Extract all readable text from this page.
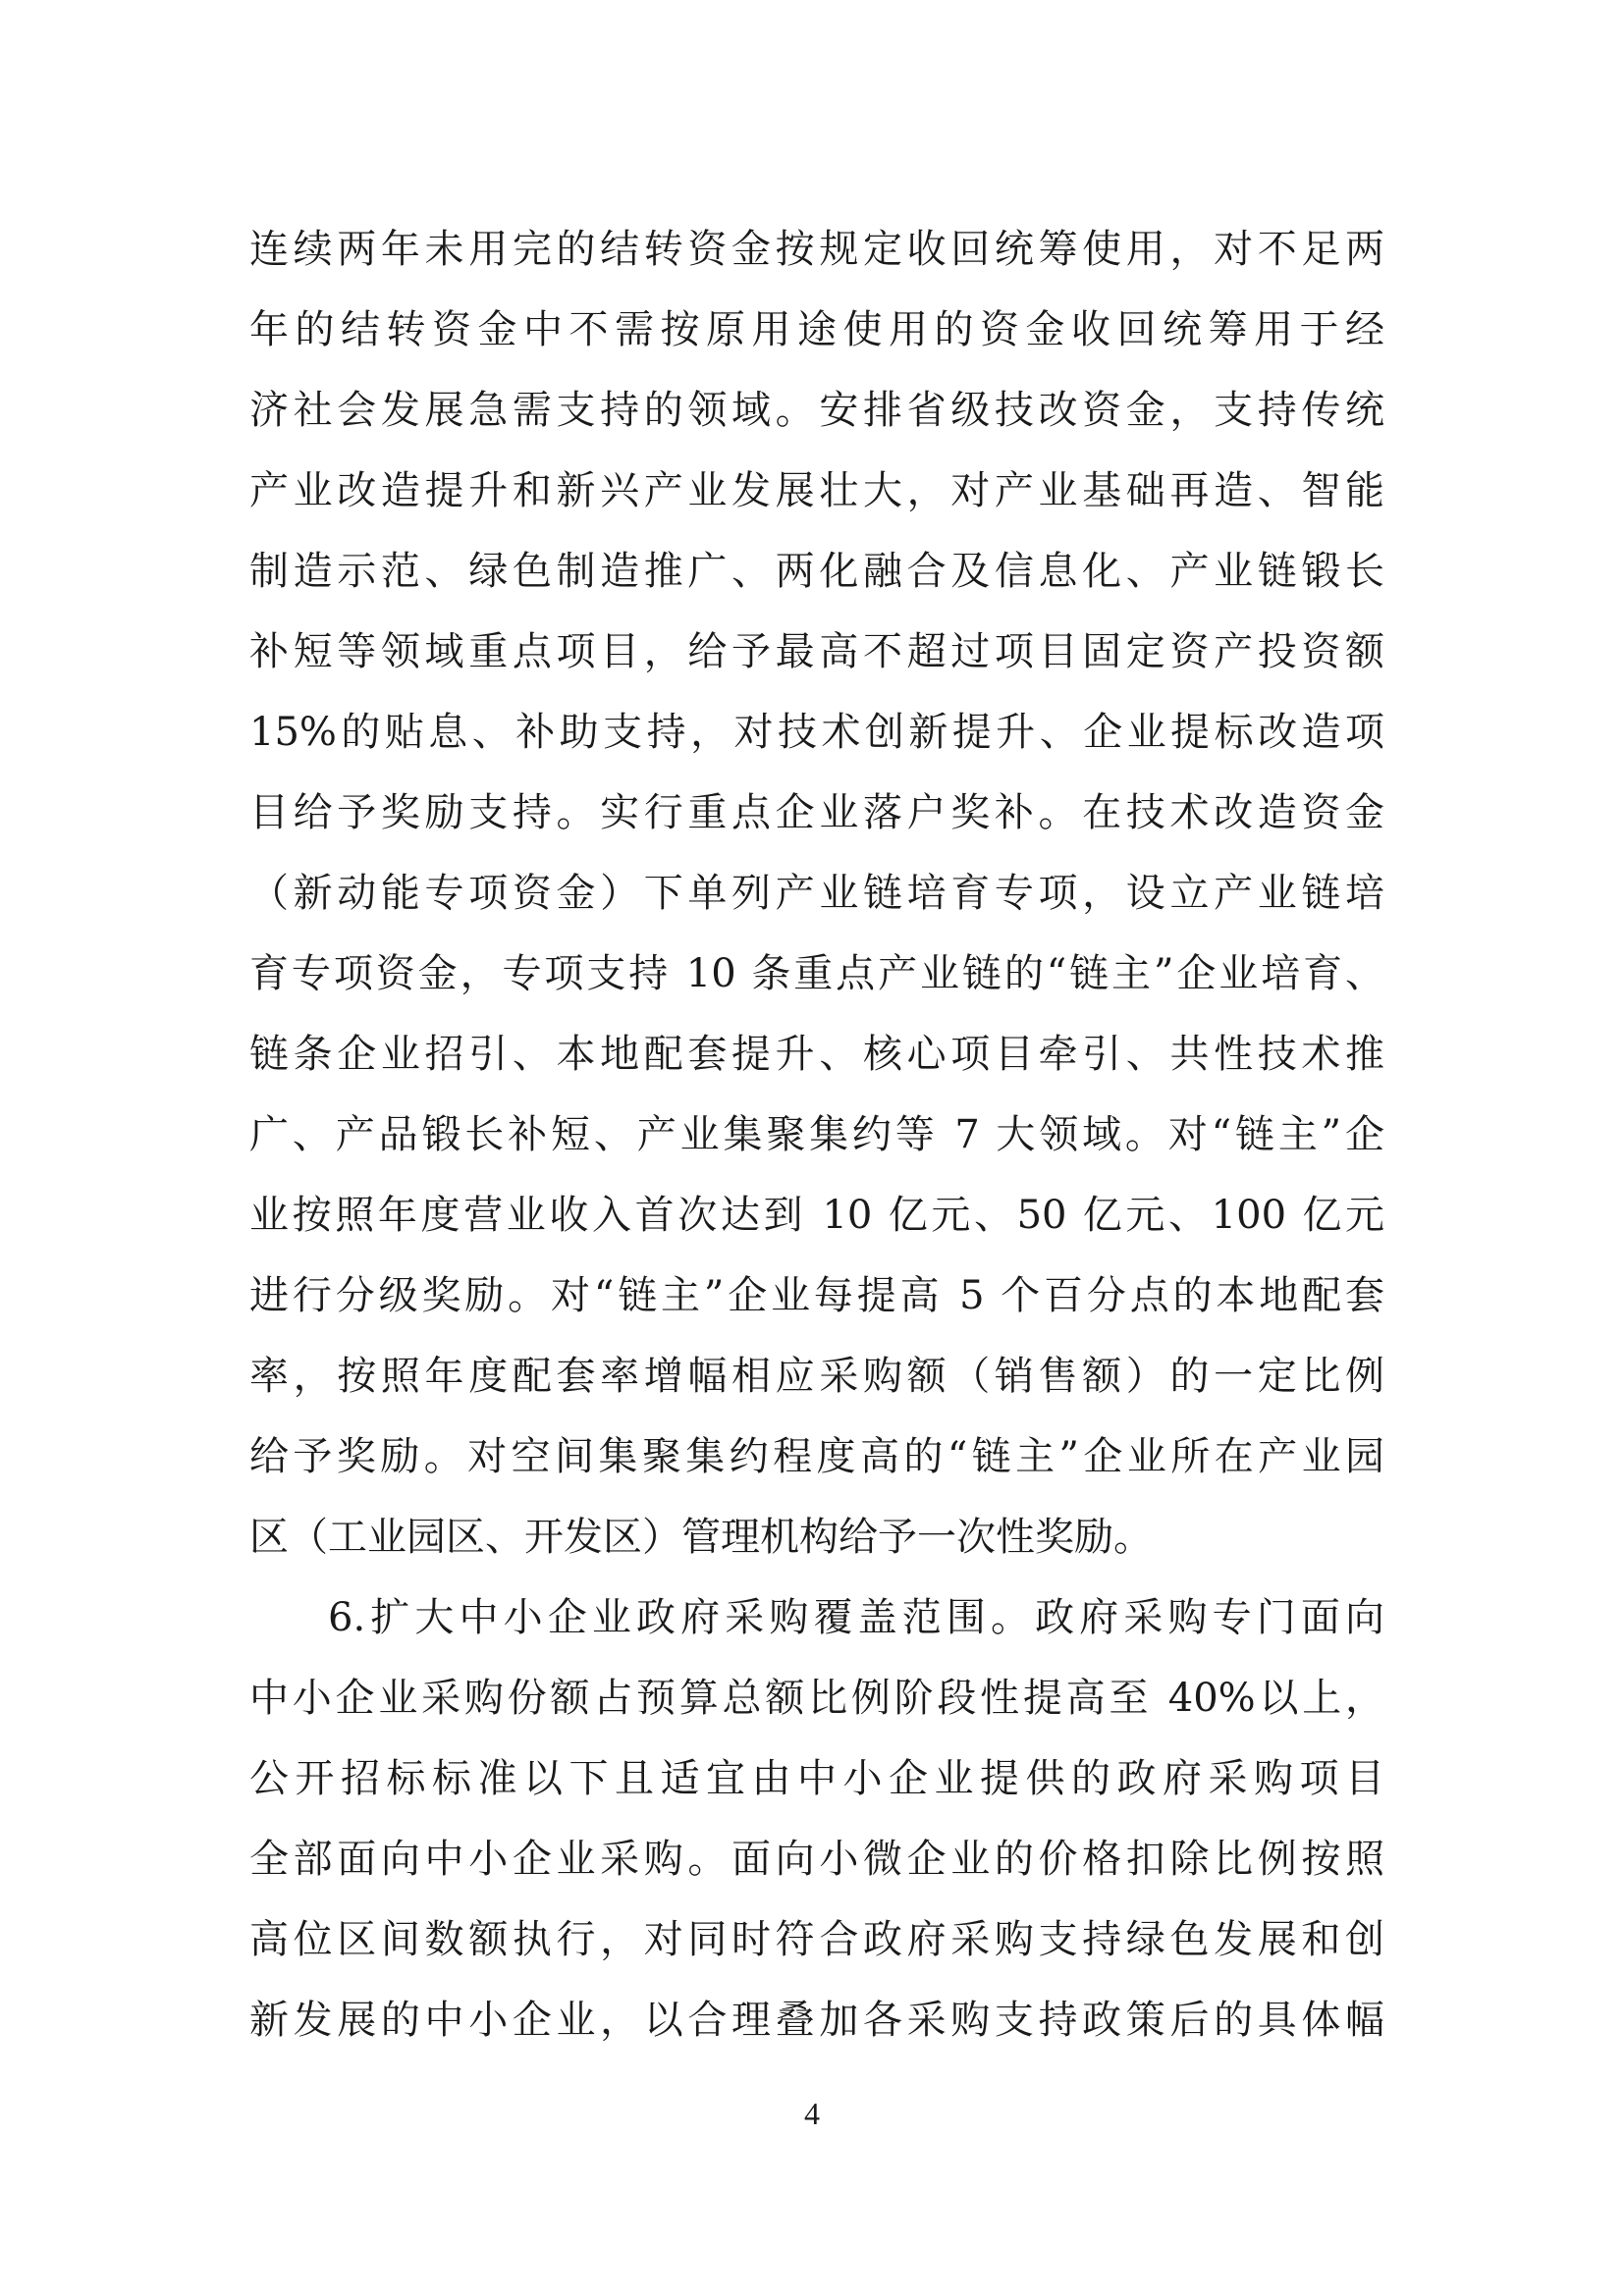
连续两年未用完的结转资金按规定收回统筹使用，对不足两
年的结转资金中不需按原用途使用的资金收回统筹用于经
济社会发展急需支持的领域。安排省级技改资金，支持传统
产业改造提升和新兴产业发展壮大，对产业基础再造、智能
制造示范、绿色制造推广、两化融合及信息化、产业链锻长
补短等领域重点项目，给予最高不超过项目固定资产投资额
15%的贴息、补助支持，对技术创新提升、企业提标改造项
目给予奖励支持。实行重点企业落户奖补。在技术改造资金
（新动能专项资金）下单列产业链培育专项，设立产业链培
育专项资金，专项支持 10 条重点产业链的“链主”企业培育、
链条企业招引、本地配套提升、核心项目牵引、共性技术推
广、产品锻长补短、产业集聚集约等 7 大领域。对“链主”企
业按照年度营业收入首次达到 10 亿元、50 亿元、100 亿元
进行分级奖励。对“链主”企业每提高 5 个百分点的本地配套
率，按照年度配套率增幅相应采购额（销售额）的一定比例
给予奖励。对空间集聚集约程度高的“链主”企业所在产业园
区（工业园区、开发区）管理机构给予一次性奖励。
6.扩大中小企业政府采购覆盖范围。政府采购专门面向
中小企业采购份额占预算总额比例阶段性提高至 40%以上，
公开招标标准以下且适宜由中小企业提供的政府采购项目
全部面向中小企业采购。面向小微企业的价格扣除比例按照
高位区间数额执行，对同时符合政府采购支持绿色发展和创
新发展的中小企业，以合理叠加各采购支持政策后的具体幅
4
